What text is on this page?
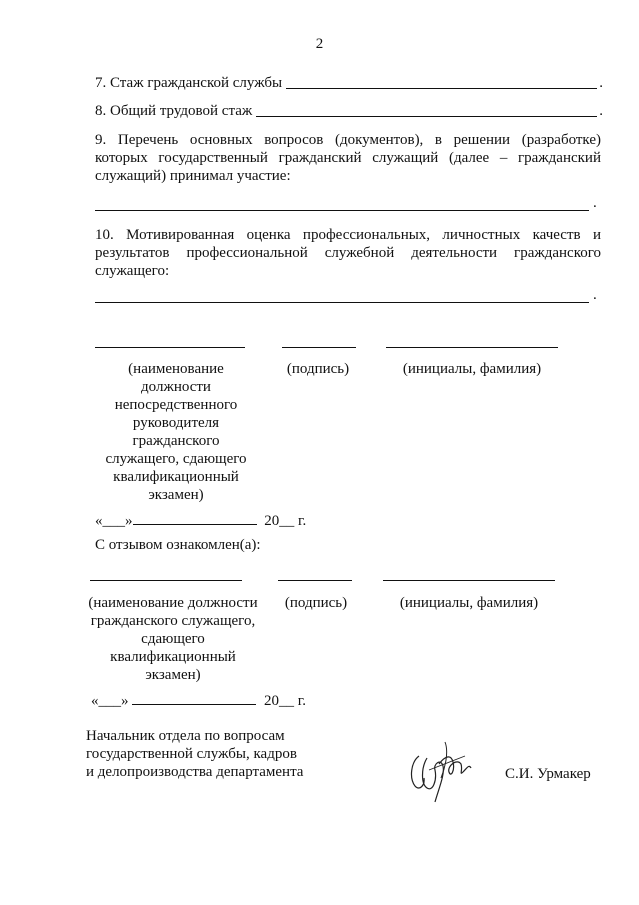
2
7. Стаж гражданской службы	.
8. Общий трудовой стаж	.
9. Перечень основных вопросов (документов), в решении (разработке) которых государственный гражданский служащий (далее – гражданский служащий) принимал участие:
.
10. Мотивированная оценка профессиональных, личностных качеств и результатов профессиональной служебной деятельности гражданского служащего:
.
(наименование должности непосредственного руководителя гражданского служащего, сдающего квалификационный экзамен)
(подпись)	(инициалы, фамилия)
«___»	20__ г.
С отзывом ознакомлен(а):
(наименование должности гражданского служащего, сдающего квалификационный экзамен)
(подпись)	(инициалы, фамилия)
«___»	20__ г.
Начальник отдела по вопросам
государственной службы, кадров
и делопроизводства департамента	С.И. Урмакер
